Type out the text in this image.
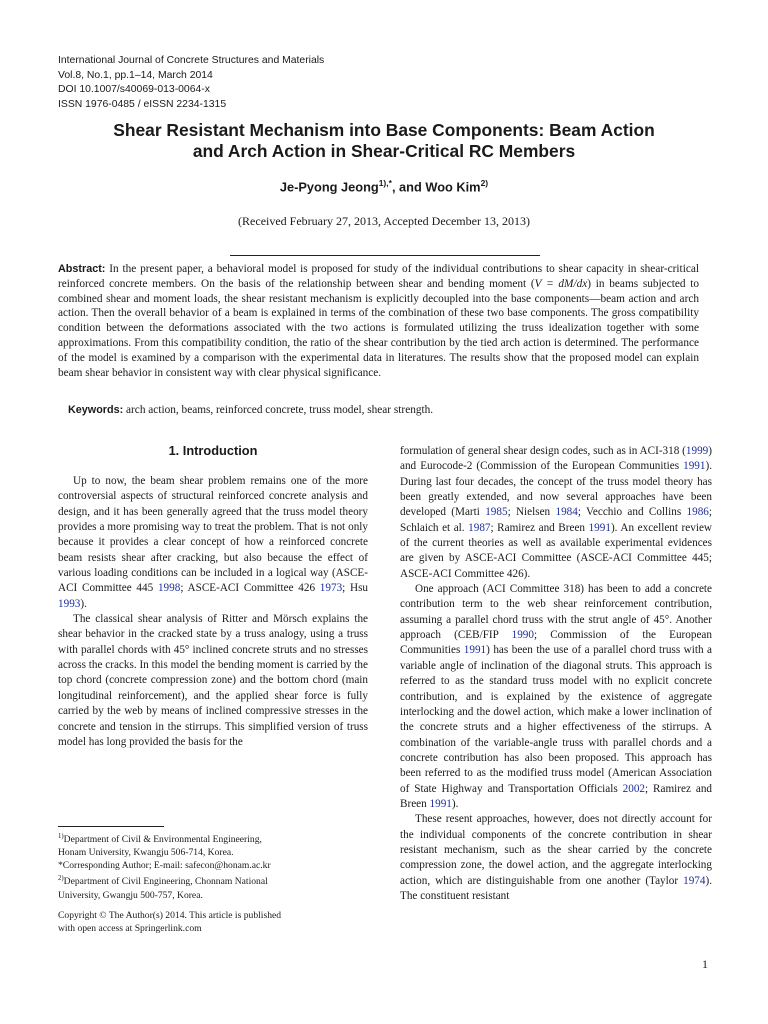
International Journal of Concrete Structures and Materials
Vol.8, No.1, pp.1–14, March 2014
DOI 10.1007/s40069-013-0064-x
ISSN 1976-0485 / eISSN 2234-1315
Shear Resistant Mechanism into Base Components: Beam Action
and Arch Action in Shear-Critical RC Members
Je-Pyong Jeong$^{1),*}$, and Woo Kim$^{2)}$
(Received February 27, 2013, Accepted December 13, 2013)
Abstract: In the present paper, a behavioral model is proposed for study of the individual contributions to shear capacity in shear-critical reinforced concrete members. On the basis of the relationship between shear and bending moment (V = dM/dx) in beams subjected to combined shear and moment loads, the shear resistant mechanism is explicitly decoupled into the base components—beam action and arch action. Then the overall behavior of a beam is explained in terms of the combination of these two base components. The gross compatibility condition between the deformations associated with the two actions is formulated utilizing the truss idealization together with some approximations. From this compatibility condition, the ratio of the shear contribution by the tied arch action is determined. The performance of the model is examined by a comparison with the experimental data in literatures. The results show that the proposed model can explain beam shear behavior in consistent way with clear physical significance.
Keywords: arch action, beams, reinforced concrete, truss model, shear strength.
1. Introduction

Up to now, the beam shear problem remains one of the more controversial aspects of structural reinforced concrete analysis and design, and it has been generally agreed that the truss model theory provides a more promising way to treat the problem. That is not only because it provides a clear concept of how a reinforced concrete beam resists shear after cracking, but also because the effect of various loading conditions can be included in a logical way (ASCE-ACI Committee 445 1998; ASCE-ACI Committee 426 1973; Hsu 1993).

The classical shear analysis of Ritter and Mörsch explains the shear behavior in the cracked state by a truss analogy, using a truss with parallel chords with 45° inclined concrete struts and no stresses across the cracks. In this model the bending moment is carried by the top chord (concrete compression zone) and the bottom chord (main longitudinal reinforcement), and the applied shear force is fully carried by the web by means of inclined compressive stresses in the concrete and tension in the stirrups. This simplified version of truss model has long provided the basis for the

formulation of general shear design codes, such as in ACI-318 (1999) and Eurocode-2 (Commission of the European Communities 1991). During last four decades, the concept of the truss model theory has been greatly extended, and now several approaches have been developed (Marti 1985; Nielsen 1984; Vecchio and Collins 1986; Schlaich et al. 1987; Ramirez and Breen 1991). An excellent review of the current theories as well as available experimental evidences are given by ASCE-ACI Committee (ASCE-ACI Committee 445; ASCE-ACI Committee 426).

One approach (ACI Committee 318) has been to add a concrete contribution term to the web shear reinforcement contribution, assuming a parallel chord truss with the strut angle of 45°. Another approach (CEB/FIP 1990; Commission of the European Communities 1991) has been the use of a parallel chord truss with a variable angle of inclination of the diagonal struts. This approach is referred to as the standard truss model with no explicit concrete contribution, and is explained by the existence of aggregate interlocking and the dowel action, which make a lower inclination of the concrete struts and a higher effectiveness of the stirrups. A combination of the variable-angle truss with parallel chords and a concrete contribution has also been proposed. This approach has been referred to as the modified truss model (American Association of State Highway and Transportation Officials 2002; Ramirez and Breen 1991).

These resent approaches, however, does not directly account for the individual components of the concrete contribution in shear resistant mechanism, such as the shear carried by the concrete compression zone, the dowel action, and the aggregate interlocking action, which are distinguishable from one another (Taylor 1974). The constituent resistant

$^{1)}$Department of Civil & Environmental Engineering,
Honam University, Kwangju 506-714, Korea.
*Corresponding Author; E-mail: safecon@honam.ac.kr
$^{2)}$Department of Civil Engineering, Chonnam National
University, Gwangju 500-757, Korea.
Copyright © The Author(s) 2014. This article is published
with open access at Springerlink.com
1
